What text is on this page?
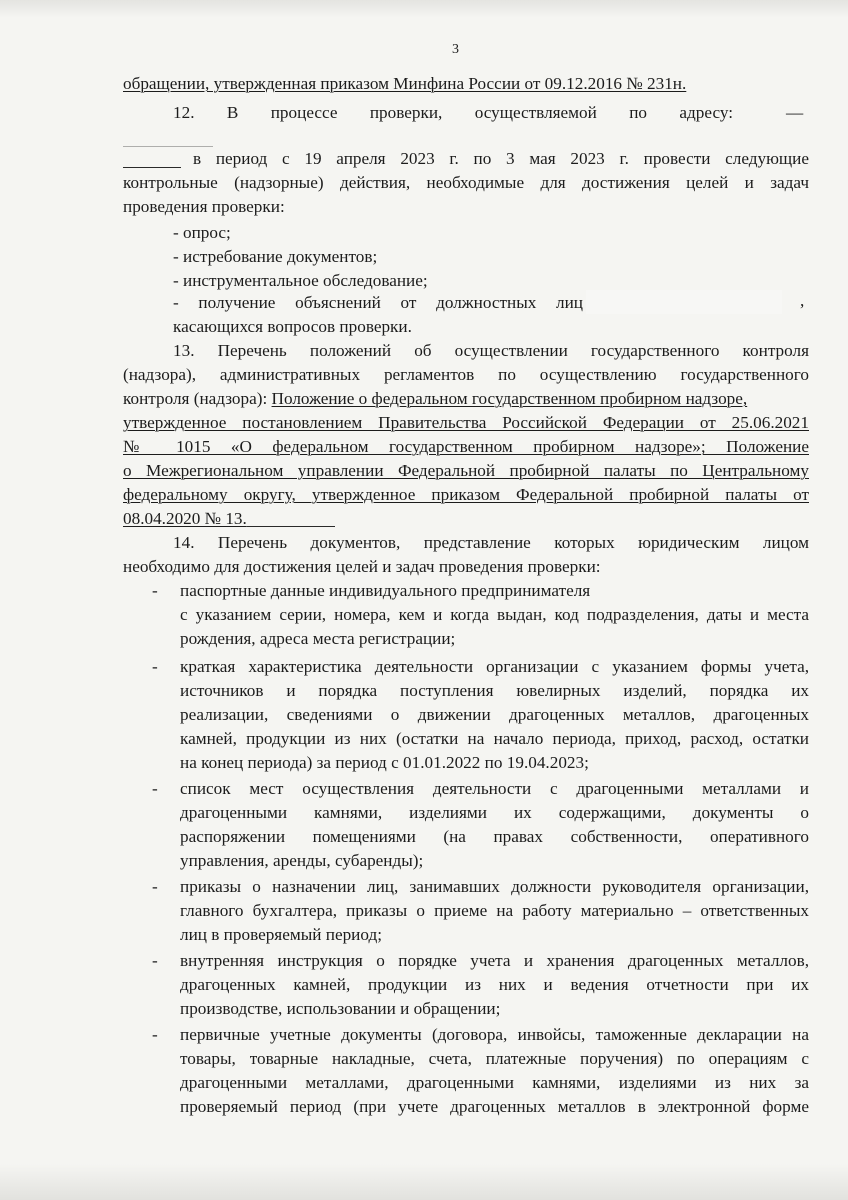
3
обращении, утвержденная приказом Минфина России от 09.12.2016 № 231н.
12. В процессе проверки, осуществляемой по адресу:	—
в период с 19 апреля 2023 г. по 3 мая 2023 г. провести следующие
контрольные (надзорные) действия, необходимые для достижения целей и задач
проведения проверки:
- опрос;
- истребование документов;
- инструментальное обследование;
- получение объяснений от должностных лиц	,
касающихся вопросов проверки.
13. Перечень положений об осуществлении государственного контроля
(надзора), административных регламентов по осуществлению государственного
контроля (надзора): Положение о федеральном государственном пробирном надзоре,
утвержденное постановлением Правительства Российской Федерации от 25.06.2021
№ 1015 «О федеральном государственном пробирном надзоре»; Положение
о Межрегиональном управлении Федеральной пробирной палаты по Центральному
федеральному округу, утвержденное приказом Федеральной пробирной палаты от
08.04.2020 № 13.
14. Перечень документов, представление которых юридическим лицом
необходимо для достижения целей и задач проведения проверки:
- паспортные данные индивидуального предпринимателя
с указанием серии, номера, кем и когда выдан, код подразделения, даты и места
рождения, адреса места регистрации;
- краткая характеристика деятельности организации с указанием формы учета,
источников и порядка поступления ювелирных изделий, порядка их
реализации, сведениями о движении драгоценных металлов, драгоценных
камней, продукции из них (остатки на начало периода, приход, расход, остатки
на конец периода) за период с 01.01.2022 по 19.04.2023;
- список мест осуществления деятельности с драгоценными металлами и
драгоценными камнями, изделиями их содержащими, документы о
распоряжении помещениями (на правах собственности, оперативного
управления, аренды, субаренды);
- приказы о назначении лиц, занимавших должности руководителя организации,
главного бухгалтера, приказы о приеме на работу материально – ответственных
лиц в проверяемый период;
- внутренняя инструкция о порядке учета и хранения драгоценных металлов,
драгоценных камней, продукции из них и ведения отчетности при их
производстве, использовании и обращении;
- первичные учетные документы (договора, инвойсы, таможенные декларации на
товары, товарные накладные, счета, платежные поручения) по операциям с
драгоценными металлами, драгоценными камнями, изделиями из них за
проверяемый период (при учете драгоценных металлов в электронной форме
